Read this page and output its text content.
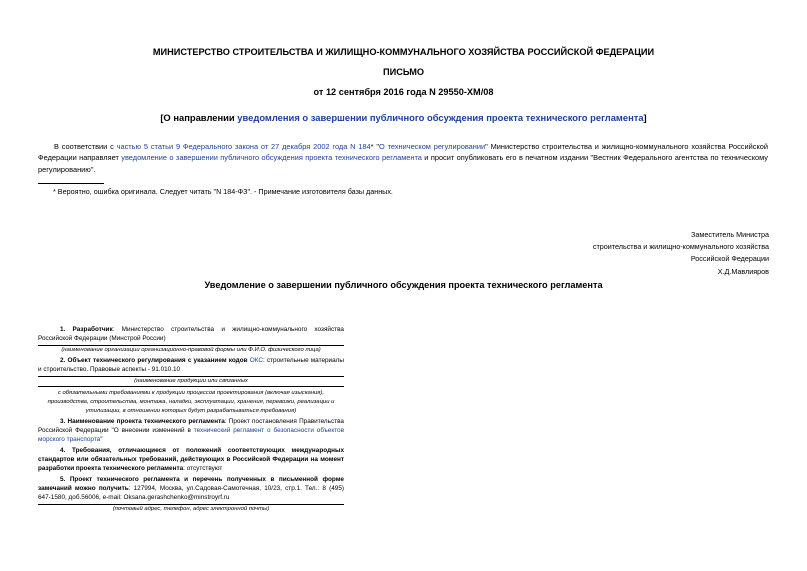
МИНИСТЕРСТВО СТРОИТЕЛЬСТВА И ЖИЛИЩНО-КОММУНАЛЬНОГО ХОЗЯЙСТВА РОССИЙСКОЙ ФЕДЕРАЦИИ
ПИСЬМО
от 12 сентября 2016 года N 29550-ХМ/08
[О направлении уведомления о завершении публичного обсуждения проекта технического регламента]
В соответствии с частью 5 статьи 9 Федерального закона от 27 декабря 2002 года N 184* "О техническом регулировании" Министерство строительства и жилищно-коммунального хозяйства Российской Федерации направляет уведомление о завершении публичного обсуждения проекта технического регламента и просит опубликовать его в печатном издании "Вестник Федерального агентства по техническому регулированию".
* Вероятно, ошибка оригинала. Следует читать "N 184-ФЗ". - Примечание изготовителя базы данных.
Заместитель Министра
строительства и жилищно-коммунального хозяйства
Российской Федерации
Х.Д.Мавлияров
Уведомление о завершении публичного обсуждения проекта технического регламента
1. Разработчик: Министерство строительства и жилищно-коммунального хозяйства Российской Федерации (Минстрой России)
(наименование организации организационно-правовой формы или Ф.И.О. физического лица)
2. Объект технического регулирования с указанием кодов ОКС: строительные материалы и строительство. Правовые аспекты - 91.010.10
(наименование продукции или связанных
с обязательными требованиями к продукции процессов проектирования (включая изыскания), производства, строительства, монтажа, наладки, эксплуатации, хранения, перевозки, реализации и утилизации, в отношении которых будут разрабатываться требования)
3. Наименование проекта технического регламента: Проект постановления Правительства Российской Федерации "О внесении изменений в технический регламент о безопасности объектов морского транспорта"
4. Требования, отличающиеся от положений соответствующих международных стандартов или обязательных требований, действующих в Российской Федерации на момент разработки проекта технического регламента: отсутствуют
5. Проект технического регламента и перечень полученных в письменной форме замечаний можно получить: 127994, Москва, ул.Садовая-Самотечная, 10/23, стр.1. Тел.: 8 (495) 647-1580, доб.56006, e-mail: Oksana.gerashchenko@minstroyrf.ru
(почтовый адрес, телефон, адрес электронной почты)
